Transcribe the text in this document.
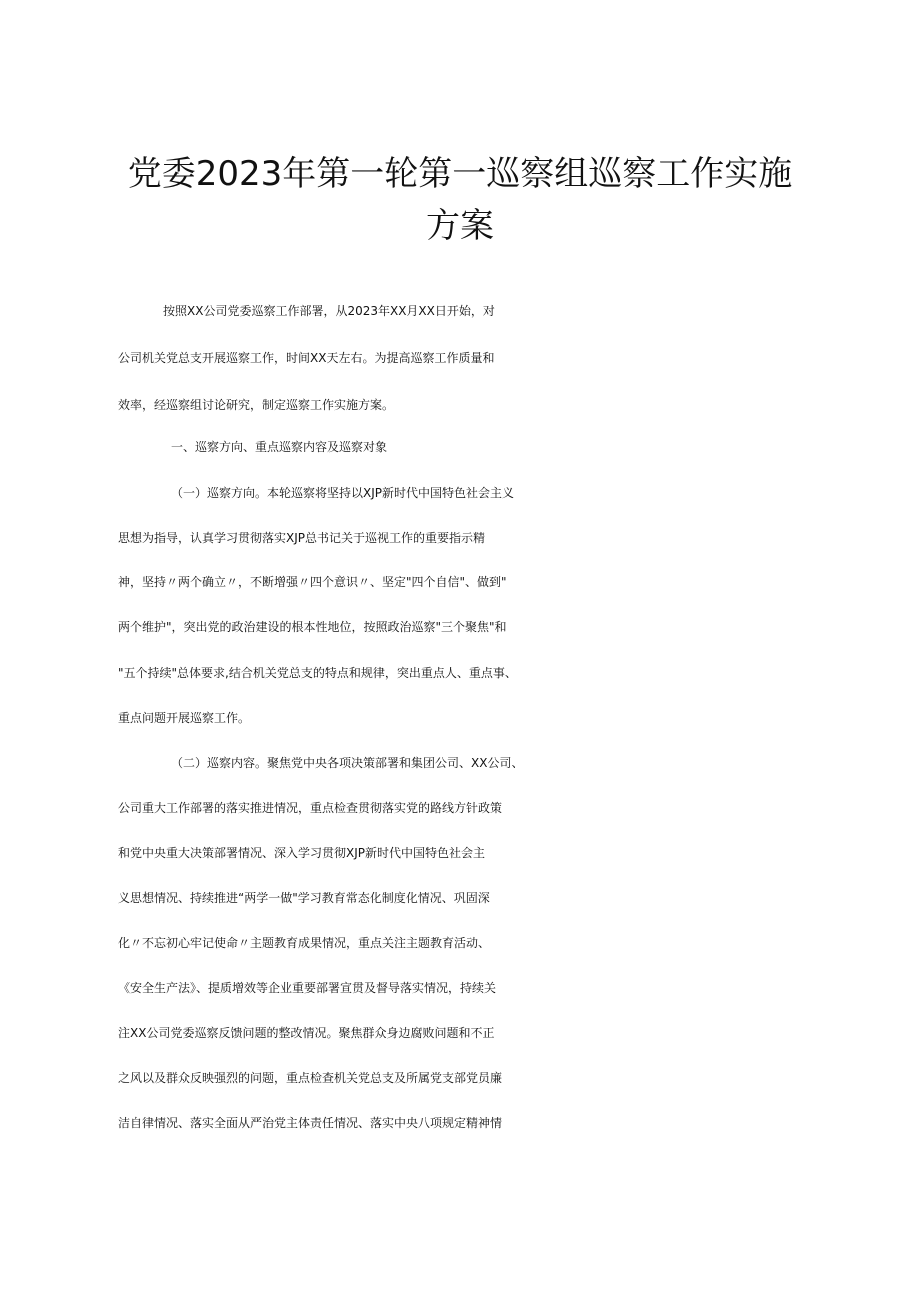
党委2023年第一轮第一巡察组巡察工作实施
方案
按照XX公司党委巡察工作部署，从2023年XX月XX日开始，对
公司机关党总支开展巡察工作，时间XX天左右。为提高巡察工作质量和
效率，经巡察组讨论研究，制定巡察工作实施方案。
一、巡察方向、重点巡察内容及巡察对象
（一）巡察方向。本轮巡察将坚持以XJP新时代中国特色社会主义
思想为指导，认真学习贯彻落实XJP总书记关于巡视工作的重要指示精
神，坚持〃两个确立〃，不断增强〃四个意识〃、坚定"四个自信"、做到"
两个维护"，突出党的政治建设的根本性地位，按照政治巡察"三个聚焦"和
"五个持续"总体要求,结合机关党总支的特点和规律，突出重点人、重点事、
重点问题开展巡察工作。
（二）巡察内容。聚焦党中央各项决策部署和集团公司、XX公司、
公司重大工作部署的落实推进情况，重点检查贯彻落实党的路线方针政策
和党中央重大决策部署情况、深入学习贯彻XJP新时代中国特色社会主
义思想情况、持续推进“两学一做"学习教育常态化制度化情况、巩固深
化〃不忘初心牢记使命〃主题教育成果情况，重点关注主题教育活动、
《安全生产法》、提质增效等企业重要部署宣贯及督导落实情况，持续关
注XX公司党委巡察反馈问题的整改情况。聚焦群众身边腐败问题和不正
之风以及群众反映强烈的问题，重点检查机关党总支及所属党支部党员廉
洁自律情况、落实全面从严治党主体责任情况、落实中央八项规定精神情
